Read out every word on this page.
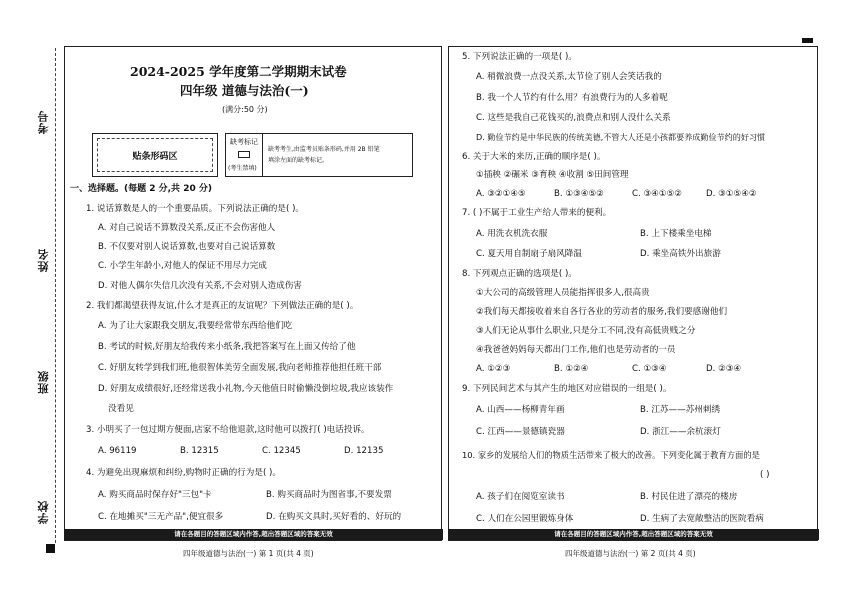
考号
姓名
班级
学校
2024-2025 学年度第二学期期末试卷
四年级 道德与法治(一)
(满分:50 分)
贴条形码区
缺考标记
(考生禁填)
缺考考生,由监考员贴条形码,并用 2B 铅笔
填涂左面的缺考标记。
一、选择题。(每题 2 分,共 20 分)
1. 说话算数是人的一个重要品质。下列说法正确的是( )。
A. 对自己说话不算数没关系,反正不会伤害他人
B. 不仅要对别人说话算数,也要对自己说话算数
C. 小学生年龄小,对他人的保证不用尽力完成
D. 对他人偶尔失信几次没有关系,不会对别人造成伤害
2. 我们都渴望获得友谊,什么才是真正的友谊呢？下列做法正确的是( )。
A. 为了让大家跟我交朋友,我要经常带东西给他们吃
B. 考试的时候,好朋友给我传来小纸条,我把答案写在上面又传给了他
C. 好朋友转学到我们班,他很智体美劳全面发展,我向老师推荐他担任班干部
D. 好朋友成绩很好,还经常送我小礼物,今天他值日时偷懒没倒垃圾,我应该装作
没看见
3. 小明买了一包过期方便面,店家不给他退款,这时他可以拨打( )电话投诉。
A. 96119	B. 12315	C. 12345	D. 12135
4. 为避免出现麻烦和纠纷,购物时正确的行为是( )。
A. 购买商品时保存好"三包"卡	B. 购买商品时为图省事,不要发票
C. 在地摊买"三无产品",便宜很多	D. 在购买文具时,买好看的、好玩的
请在各题目的答题区域内作答,超出答题区域的答案无效
四年级道德与法治(一) 第 1 页(共 4 页)
5. 下列说法正确的一项是( )。
A. 稍微浪费一点没关系,太节俭了别人会笑话我的
B. 我一个人节约有什么用？有浪费行为的人多着呢
C. 这些是我自己花钱买的,浪费点和别人没什么关系
D. 勤俭节约是中华民族的传统美德,不管大人还是小孩都要养成勤俭节约的好习惯
6. 关于大米的来历,正确的顺序是( )。
①插秧 ②碾米 ③育秧 ④收割 ⑤田间管理
A. ③②①④⑤	B. ①③④⑤②	C. ③④①⑤②	D. ③①⑤④②
7. ( )不属于工业生产给人带来的便利。
A. 用洗衣机洗衣服	B. 上下楼乘坐电梯
C. 夏天用自制扇子扇风降温	D. 乘坐高铁外出旅游
8. 下列观点正确的选项是( )。
①大公司的高级管理人员能指挥很多人,很高贵
②我们每天都接收着来自各行各业的劳动者的服务,我们要感谢他们
③人们无论从事什么职业,只是分工不同,没有高低贵贱之分
④我爸爸妈妈每天都出门工作,他们也是劳动者的一员
A. ①②③	B. ①②④	C. ①③④	D. ②③④
9. 下列民间艺术与其产生的地区对应错误的一组是( )。
A. 山西——杨柳青年画	B. 江苏——苏州刺绣
C. 江西——景德镇瓷器	D. 浙江——余杭滚灯
10. 家乡的发展给人们的物质生活带来了极大的改善。下列变化属于教育方面的是
( )
A. 孩子们在阅览室读书	B. 村民住进了漂亮的楼房
C. 人们在公园里锻炼身体	D. 生病了去宽敞整洁的医院看病
请在各题目的答题区域内作答,超出答题区域的答案无效
四年级道德与法治(一) 第 2 页(共 4 页)
